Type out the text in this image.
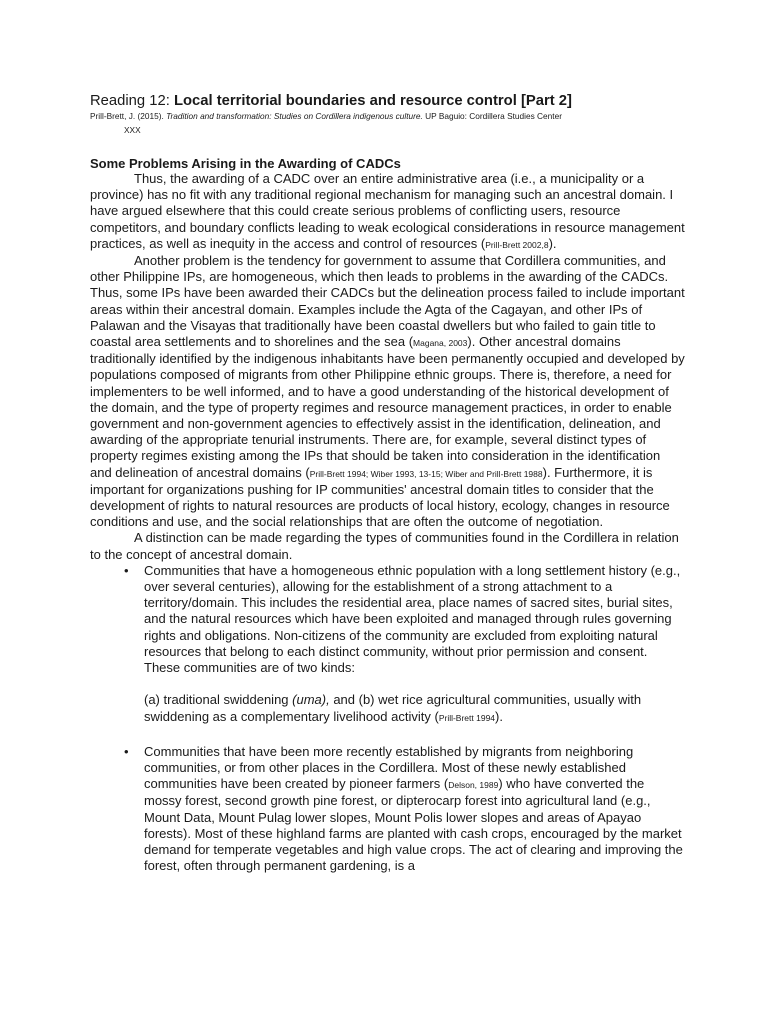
Reading 12: Local territorial boundaries and resource control [Part 2]
Prill-Brett, J. (2015). Tradition and transformation: Studies on Cordillera indigenous culture. UP Baguio: Cordillera Studies Center
XXX
Some Problems Arising in the Awarding of CADCs

Thus, the awarding of a CADC over an entire administrative area (i.e., a municipality or a province) has no fit with any traditional regional mechanism for managing such an ancestral domain. I have argued elsewhere that this could create serious problems of conflicting users, resource competitors, and boundary conflicts leading to weak ecological considerations in resource management practices, as well as inequity in the access and control of resources (Prill-Brett 2002,8).

Another problem is the tendency for government to assume that Cordillera communities, and other Philippine IPs, are homogeneous, which then leads to problems in the awarding of the CADCs. Thus, some IPs have been awarded their CADCs but the delineation process failed to include important areas within their ancestral domain. Examples include the Agta of the Cagayan, and other IPs of Palawan and the Visayas that traditionally have been coastal dwellers but who failed to gain title to coastal area settlements and to shorelines and the sea (Magana, 2003). Other ancestral domains traditionally identified by the indigenous inhabitants have been permanently occupied and developed by populations composed of migrants from other Philippine ethnic groups. There is, therefore, a need for implementers to be well informed, and to have a good understanding of the historical development of the domain, and the type of property regimes and resource management practices, in order to enable government and non-government agencies to effectively assist in the identification, delineation, and awarding of the appropriate tenurial instruments. There are, for example, several distinct types of property regimes existing among the IPs that should be taken into consideration in the identification and delineation of ancestral domains (Prill-Brett 1994; Wiber 1993, 13-15; Wiber and Prill-Brett 1988). Furthermore, it is important for organizations pushing for IP communities' ancestral domain titles to consider that the development of rights to natural resources are products of local history, ecology, changes in resource conditions and use, and the social relationships that are often the outcome of negotiation.

A distinction can be made regarding the types of communities found in the Cordillera in relation to the concept of ancestral domain.

• Communities that have a homogeneous ethnic population with a long settlement history (e.g., over several centuries), allowing for the establishment of a strong attachment to a territory/domain. This includes the residential area, place names of sacred sites, burial sites, and the natural resources which have been exploited and managed through rules governing rights and obligations. Non-citizens of the community are excluded from exploiting natural resources that belong to each distinct community, without prior permission and consent. These communities are of two kinds:

(a) traditional swiddening (uma), and (b) wet rice agricultural communities, usually with swiddening as a complementary livelihood activity (Prill-Brett 1994).

• Communities that have been more recently established by migrants from neighboring communities, or from other places in the Cordillera. Most of these newly established communities have been created by pioneer farmers (Delson, 1989) who have converted the mossy forest, second growth pine forest, or dipterocarp forest into agricultural land (e.g., Mount Data, Mount Pulag lower slopes, Mount Polis lower slopes and areas of Apayao forests). Most of these highland farms are planted with cash crops, encouraged by the market demand for temperate vegetables and high value crops. The act of clearing and improving the forest, often through permanent gardening, is a
